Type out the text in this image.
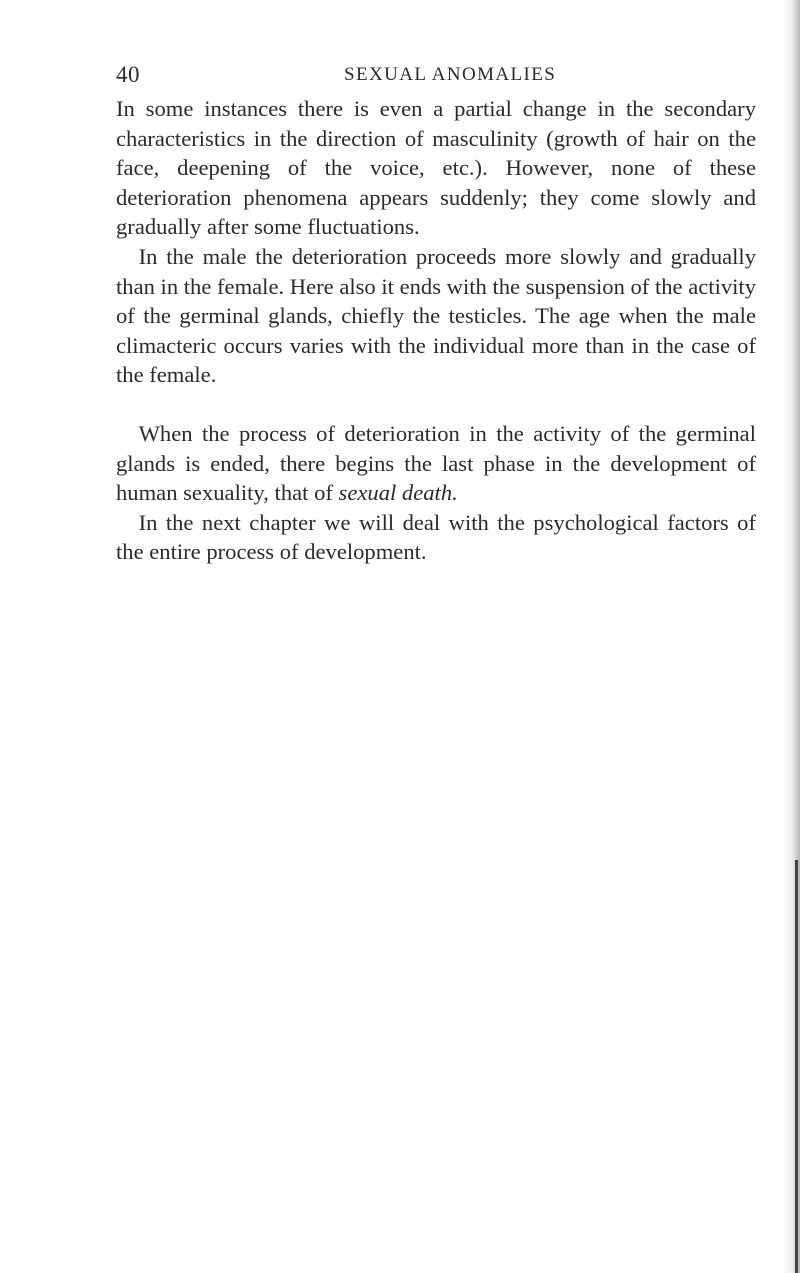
40	SEXUAL ANOMALIES

In some instances there is even a partial change in the secondary characteristics in the direction of masculinity (growth of hair on the face, deepening of the voice, etc.). However, none of these deterioration phenomena appears suddenly; they come slowly and gradually after some fluctuations.

In the male the deterioration proceeds more slowly and gradually than in the female. Here also it ends with the suspension of the activity of the germinal glands, chiefly the testicles. The age when the male climacteric occurs varies with the individual more than in the case of the female.

When the process of deterioration in the activity of the germinal glands is ended, there begins the last phase in the development of human sexuality, that of sexual death.

In the next chapter we will deal with the psychological factors of the entire process of development.
